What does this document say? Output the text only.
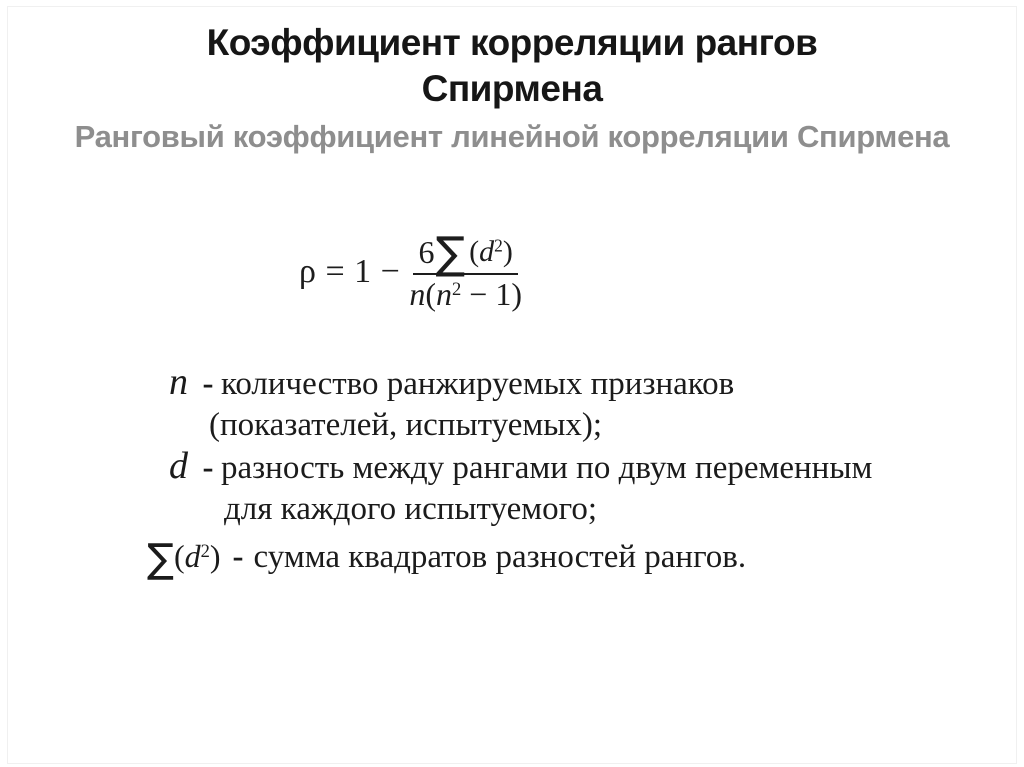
Коэффициент корреляции рангов Спирмена
Ранговый коэффициент линейной корреляции Спирмена
$\rho = 1 - \frac{6 \sum (d^2)}{n(n^2 - 1)}$
n - количество ранжируемых признаков
(показателей, испытуемых);
d - разность между рангами по двум переменным
для каждого испытуемого;
$\sum(d^2)$ - сумма квадратов разностей рангов.
